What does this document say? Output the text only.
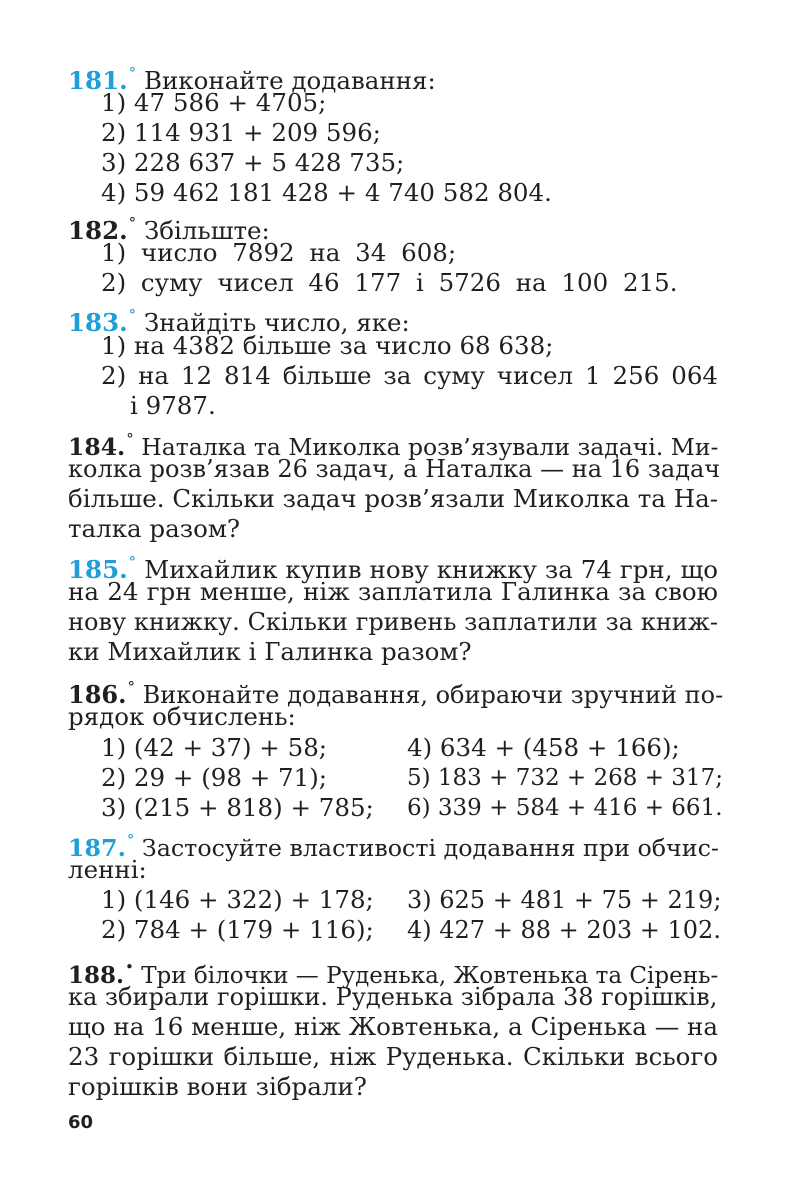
181.° Виконайте додавання:
1) 47 586 + 4705;
2) 114 931 + 209 596;
3) 228 637 + 5 428 735;
4) 59 462 181 428 + 4 740 582 804.
182.° Збільште:
1) число 7892 на 34 608;
2) суму чисел 46 177 і 5726 на 100 215.
183.° Знайдіть число, яке:
1) на 4382 більше за число 68 638;
2) на 12 814 більше за суму чисел 1 256 064
і 9787.
184.° Наталка та Миколка розв’язували задачі. Ми-
колка розв’язав 26 задач, а Наталка — на 16 задач
більше. Скільки задач розв’язали Миколка та На-
талка разом?
185.° Михайлик купив нову книжку за 74 грн, що
на 24 грн менше, ніж заплатила Галинка за свою
нову книжку. Скільки гривень заплатили за книж-
ки Михайлик і Галинка разом?
186.° Виконайте додавання, обираючи зручний по-
рядок обчислень:
1) (42 + 37) + 58;
2) 29 + (98 + 71);
3) (215 + 818) + 785;
4) 634 + (458 + 166);
5) 183 + 732 + 268 + 317;
6) 339 + 584 + 416 + 661.
187.° Застосуйте властивості додавання при обчис-
ленні:
1) (146 + 322) + 178;
2) 784 + (179 + 116);
3) 625 + 481 + 75 + 219;
4) 427 + 88 + 203 + 102.
188.• Три білочки — Руденька, Жовтенька та Сірень-
ка збирали горішки. Руденька зібрала 38 горішків,
що на 16 менше, ніж Жовтенька, а Сіренька — на
23 горішки більше, ніж Руденька. Скільки всього
горішків вони зібрали?
60
